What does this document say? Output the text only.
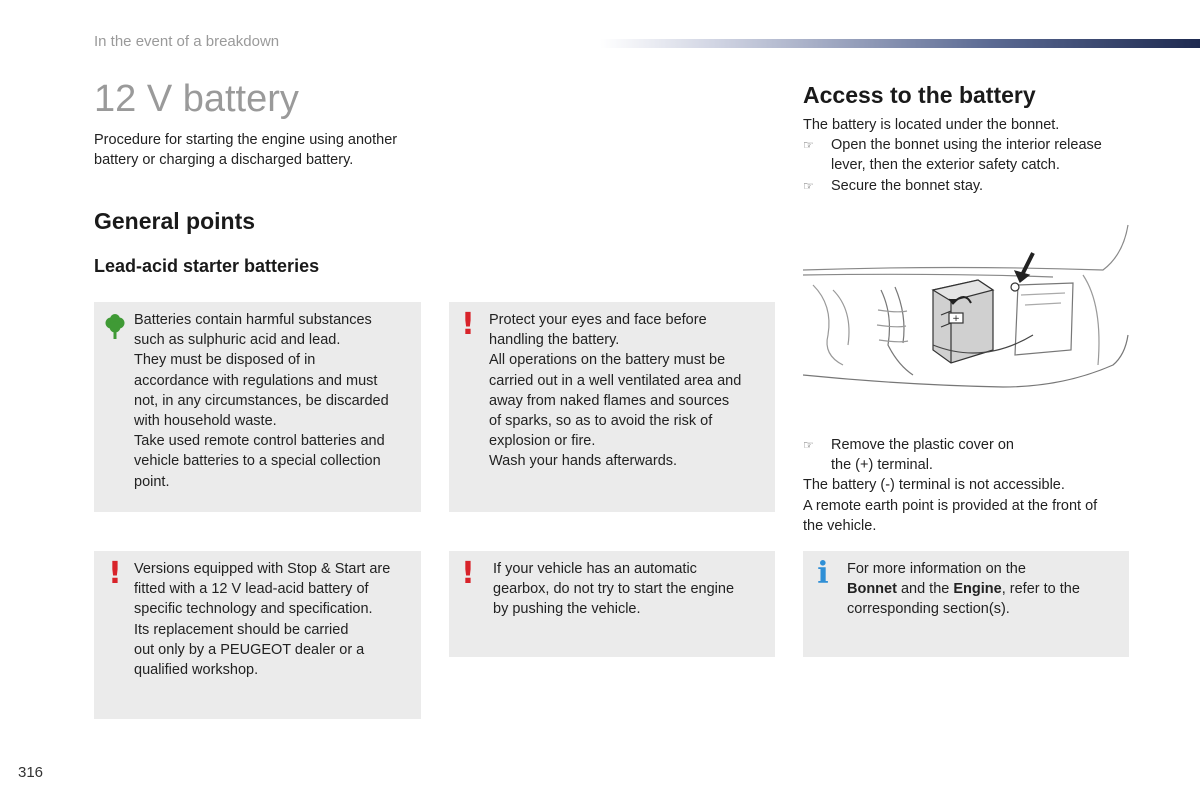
In the event of a breakdown
12 V battery
Procedure for starting the engine using another battery or charging a discharged battery.
General points
Lead-acid starter batteries
Batteries contain harmful substances
such as sulphuric acid and lead.
They must be disposed of in
accordance with regulations and must
not, in any circumstances, be discarded
with household waste.
Take used remote control batteries and
vehicle batteries to a special collection
point.
! Protect your eyes and face before
handling the battery.
All operations on the battery must be
carried out in a well ventilated area and
away from naked flames and sources
of sparks, so as to avoid the risk of
explosion or fire.
Wash your hands afterwards.
! Versions equipped with Stop & Start are
fitted with a 12 V lead-acid battery of
specific technology and specification.
Its replacement should be carried
out only by a PEUGEOT dealer or a
qualified workshop.
! If your vehicle has an automatic
gearbox, do not try to start the engine
by pushing the vehicle.
Access to the battery
The battery is located under the bonnet.
☞ Open the bonnet using the interior release
lever, then the exterior safety catch.
☞ Secure the bonnet stay.
+
☞ Remove the plastic cover on
the (+) terminal.
The battery (-) terminal is not accessible.
A remote earth point is provided at the front of
the vehicle.
i For more information on the
Bonnet and the Engine, refer to the
corresponding section(s).
316
